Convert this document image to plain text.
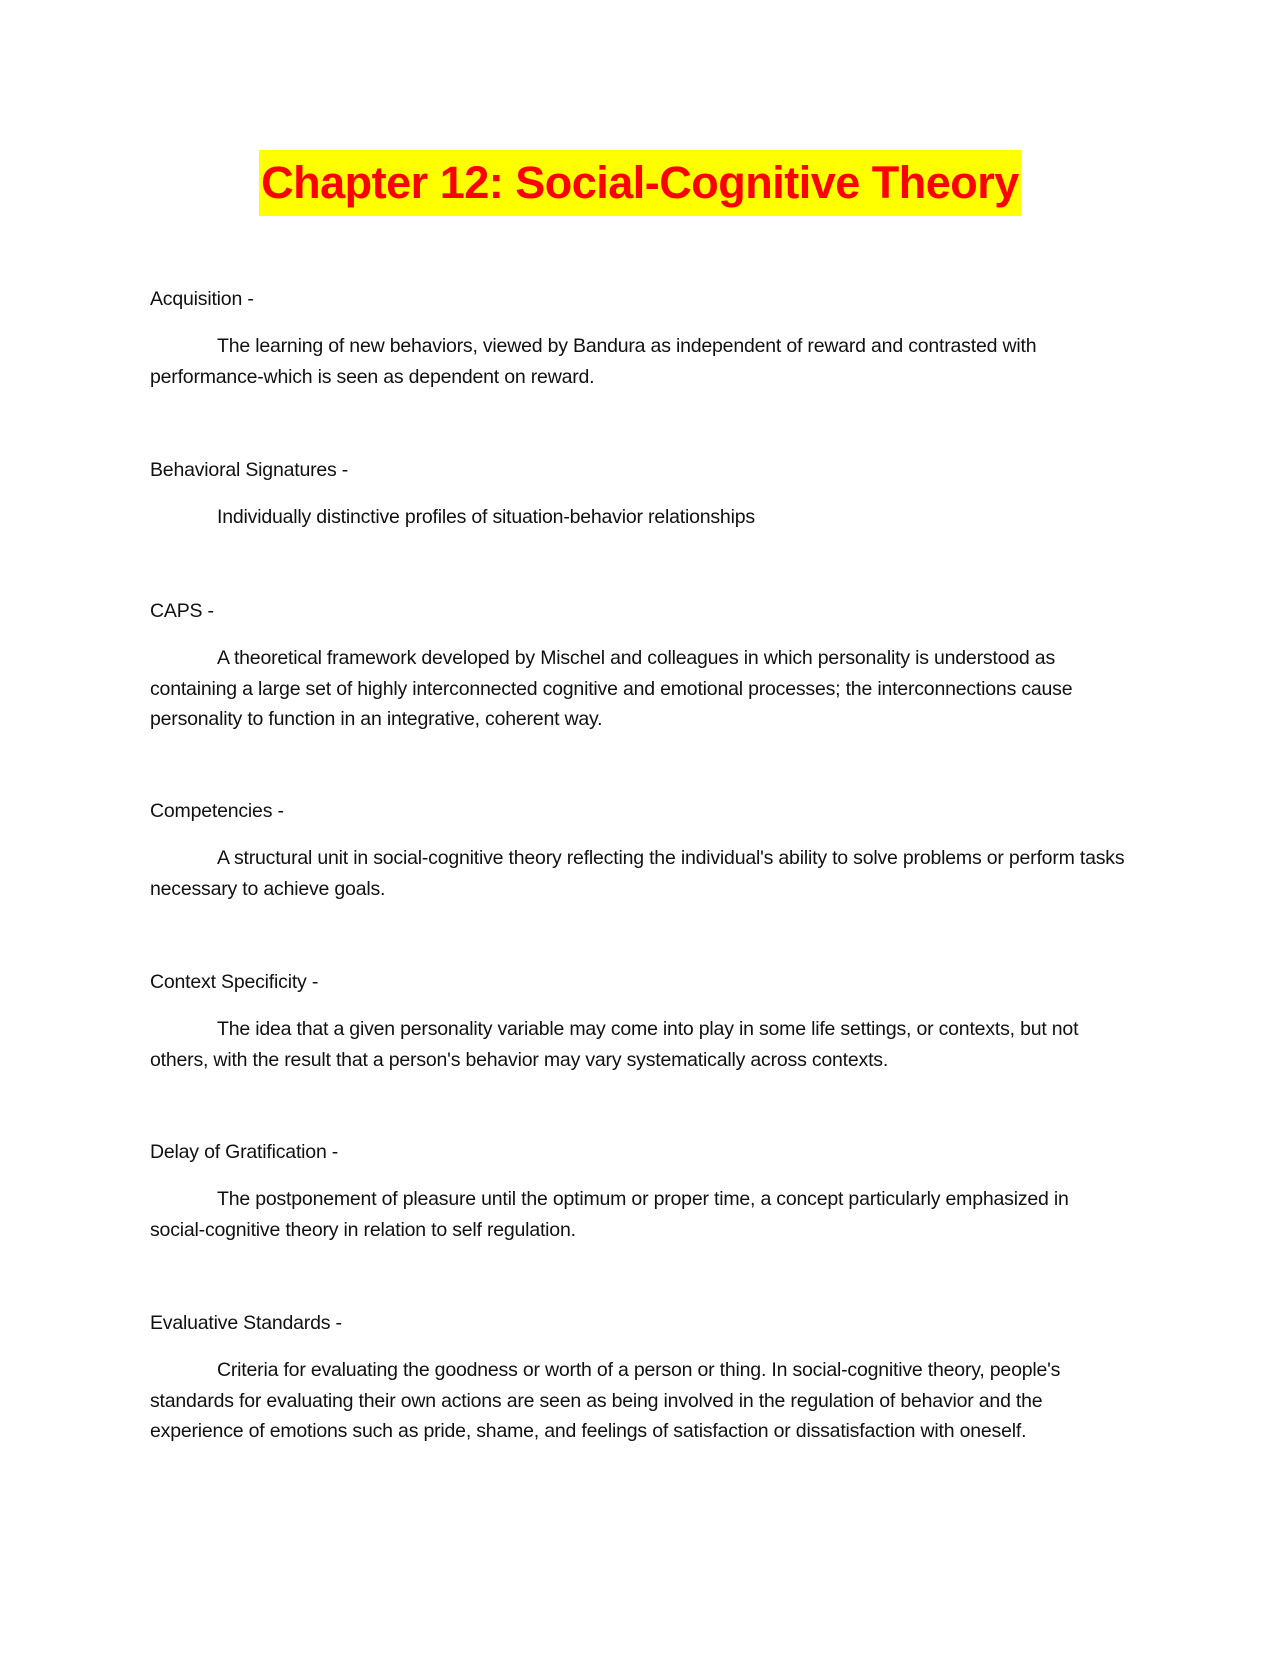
Chapter 12: Social-Cognitive Theory

Acquisition -

The learning of new behaviors, viewed by Bandura as independent of reward and contrasted with performance-which is seen as dependent on reward.

Behavioral Signatures -

Individually distinctive profiles of situation-behavior relationships

CAPS -

A theoretical framework developed by Mischel and colleagues in which personality is understood as containing a large set of highly interconnected cognitive and emotional processes; the interconnections cause personality to function in an integrative, coherent way.

Competencies -

A structural unit in social-cognitive theory reflecting the individual's ability to solve problems or perform tasks necessary to achieve goals.

Context Specificity -

The idea that a given personality variable may come into play in some life settings, or contexts, but not others, with the result that a person's behavior may vary systematically across contexts.

Delay of Gratification -

The postponement of pleasure until the optimum or proper time, a concept particularly emphasized in social-cognitive theory in relation to self regulation.

Evaluative Standards -

Criteria for evaluating the goodness or worth of a person or thing. In social-cognitive theory, people's standards for evaluating their own actions are seen as being involved in the regulation of behavior and the experience of emotions such as pride, shame, and feelings of satisfaction or dissatisfaction with oneself.
